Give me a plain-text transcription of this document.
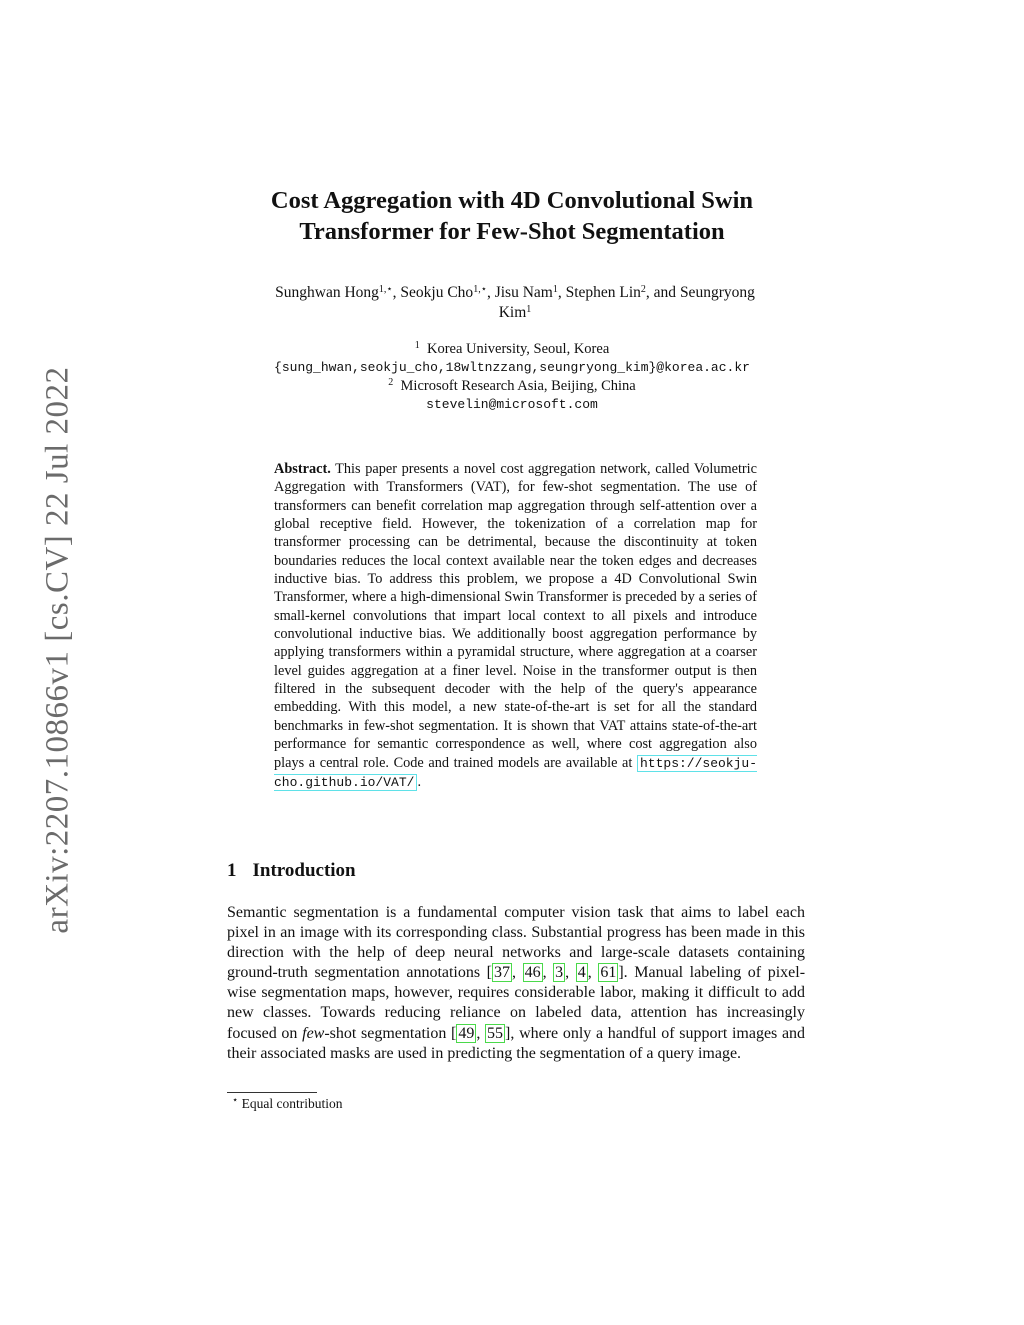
arXiv:2207.10866v1 [cs.CV] 22 Jul 2022
Cost Aggregation with 4D Convolutional Swin
Transformer for Few-Shot Segmentation
Sunghwan Hong$^{1,⋆}$, Seokju Cho$^{1,⋆}$, Jisu Nam$^1$, Stephen Lin$^2$, and Seungryong Kim$^1$
$^1$ Korea University, Seoul, Korea
{sung_hwan,seokju_cho,18wltnzzang,seungryong_kim}@korea.ac.kr
$^2$ Microsoft Research Asia, Beijing, China
stevelin@microsoft.com
Abstract. This paper presents a novel cost aggregation network, called Volumetric Aggregation with Transformers (VAT), for few-shot segmentation. The use of transformers can benefit correlation map aggregation through self-attention over a global receptive field. However, the tokenization of a correlation map for transformer processing can be detrimental, because the discontinuity at token boundaries reduces the local context available near the token edges and decreases inductive bias. To address this problem, we propose a 4D Convolutional Swin Transformer, where a high-dimensional Swin Transformer is preceded by a series of small-kernel convolutions that impart local context to all pixels and introduce convolutional inductive bias. We additionally boost aggregation performance by applying transformers within a pyramidal structure, where aggregation at a coarser level guides aggregation at a finer level. Noise in the transformer output is then filtered in the subsequent decoder with the help of the query's appearance embedding. With this model, a new state-of-the-art is set for all the standard benchmarks in few-shot segmentation. It is shown that VAT attains state-of-the-art performance for semantic correspondence as well, where cost aggregation also plays a central role. Code and trained models are available at https://seokju-cho.github.io/VAT/ .
1 Introduction
Semantic segmentation is a fundamental computer vision task that aims to label each pixel in an image with its corresponding class. Substantial progress has been made in this direction with the help of deep neural networks and large-scale datasets containing ground-truth segmentation annotations [ 37 , 46 , 3 , 4 , 61 ]. Manual labeling of pixel-wise segmentation maps, however, requires considerable labor, making it difficult to add new classes. Towards reducing reliance on labeled data, attention has increasingly focused on few-shot segmentation [ 49 , 55 ], where only a handful of support images and their associated masks are used in predicting the segmentation of a query image.
⋆ Equal contribution
